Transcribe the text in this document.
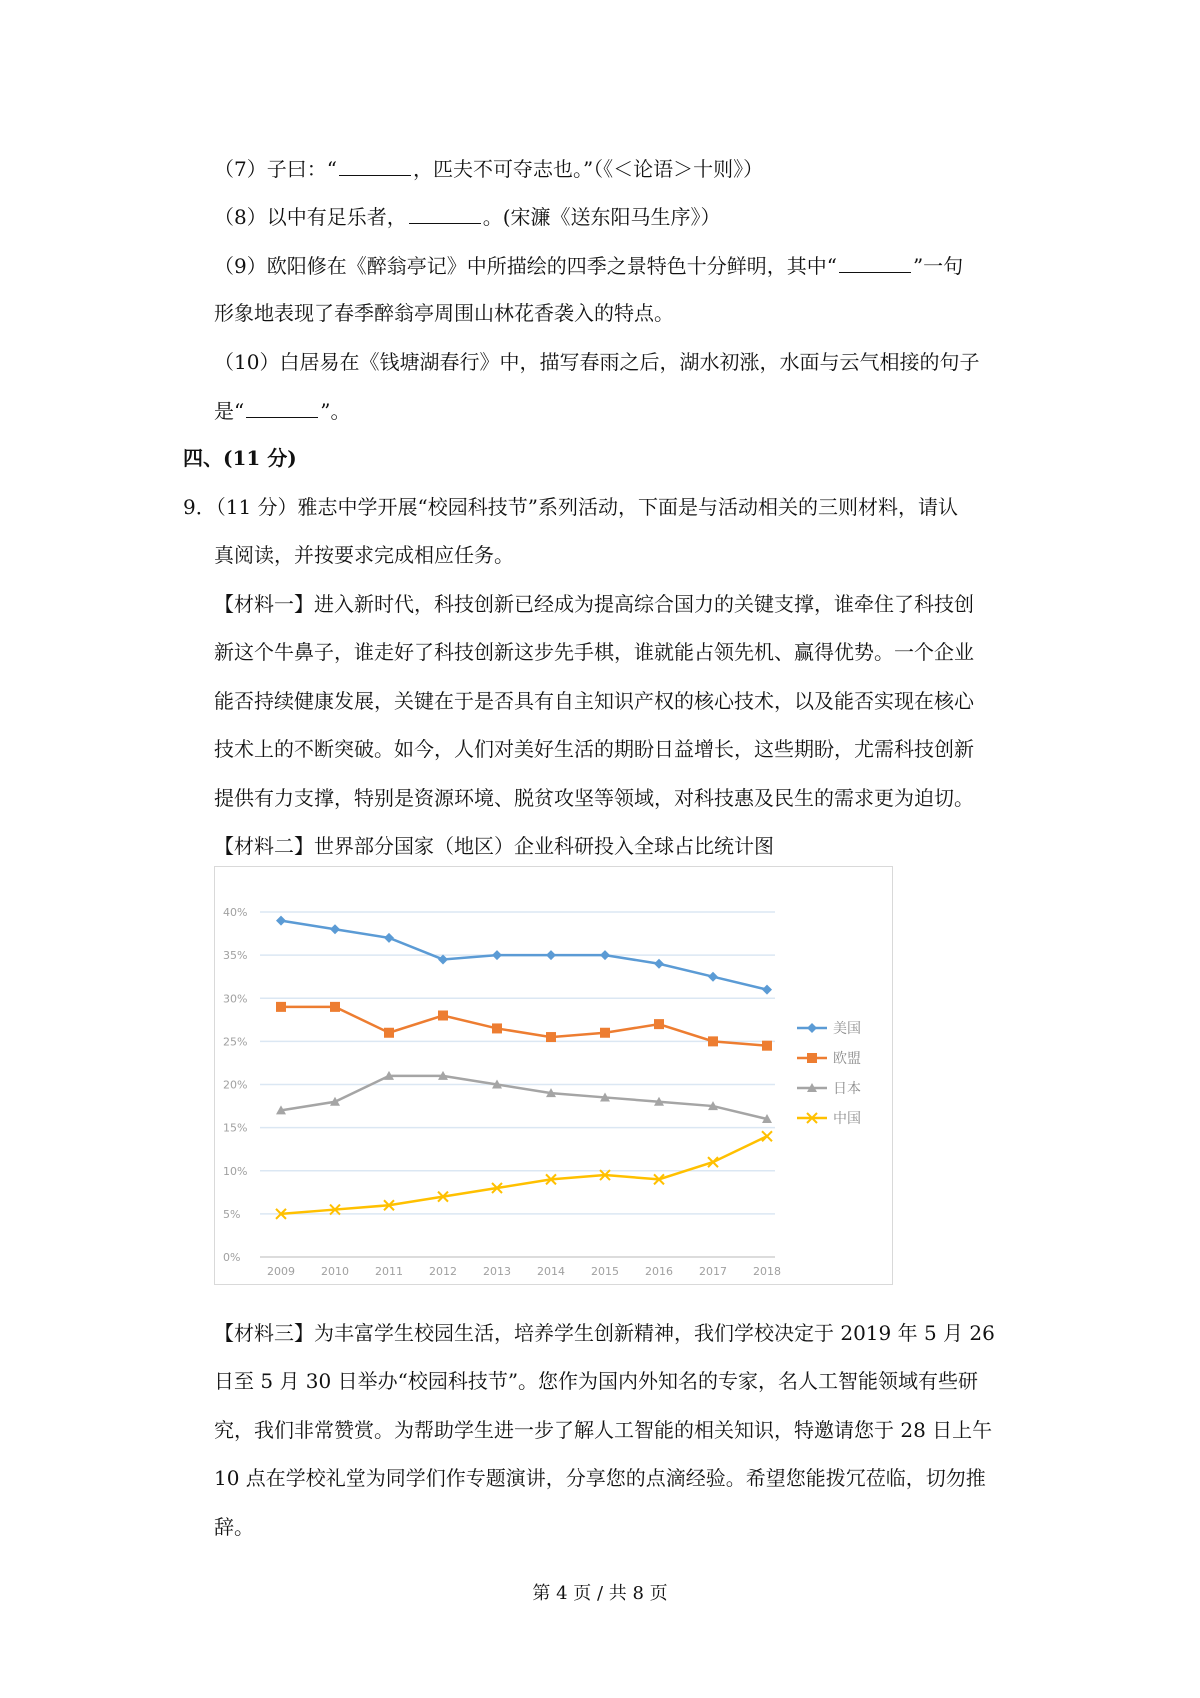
（7）子曰：“	，匹夫不可夺志也。”（《＜论语＞十则》）
（8）以中有足乐者，	。(宋濂《送东阳马生序》）
（9）欧阳修在《醉翁亭记》中所描绘的四季之景特色十分鲜明，其中“	”一句
形象地表现了春季醉翁亭周围山林花香袭入的特点。
（10）白居易在《钱塘湖春行》中，描写春雨之后，湖水初涨，水面与云气相接的句子
是“	”。
四、(11 分)
9．（11 分）雅志中学开展“校园科技节”系列活动，下面是与活动相关的三则材料，请认
真阅读，并按要求完成相应任务。
【材料一】进入新时代，科技创新已经成为提高综合国力的关键支撑，谁牵住了科技创
新这个牛鼻子，谁走好了科技创新这步先手棋，谁就能占领先机、赢得优势。一个企业
能否持续健康发展，关键在于是否具有自主知识产权的核心技术，以及能否实现在核心
技术上的不断突破。如今，人们对美好生活的期盼日益增长，这些期盼，尤需科技创新
提供有力支撑，特别是资源环境、脱贫攻坚等领域，对科技惠及民生的需求更为迫切。
【材料二】世界部分国家（地区）企业科研投入全球占比统计图
0%
5%
10%
15%
20%
25%
30%
35%
40%
2009 2010 2011 2012 2013 2014 2015 2016 2017 2018
美国
欧盟
日本
中国
【材料三】为丰富学生校园生活，培养学生创新精神，我们学校决定于 2019 年 5 月 26
日至 5 月 30 日举办“校园科技节”。您作为国内外知名的专家，名人工智能领域有些研
究，我们非常赞赏。为帮助学生进一步了解人工智能的相关知识，特邀请您于 28 日上午
10 点在学校礼堂为同学们作专题演讲，分享您的点滴经验。希望您能拨冗莅临，切勿推
辞。
第 4 页 / 共 8 页
